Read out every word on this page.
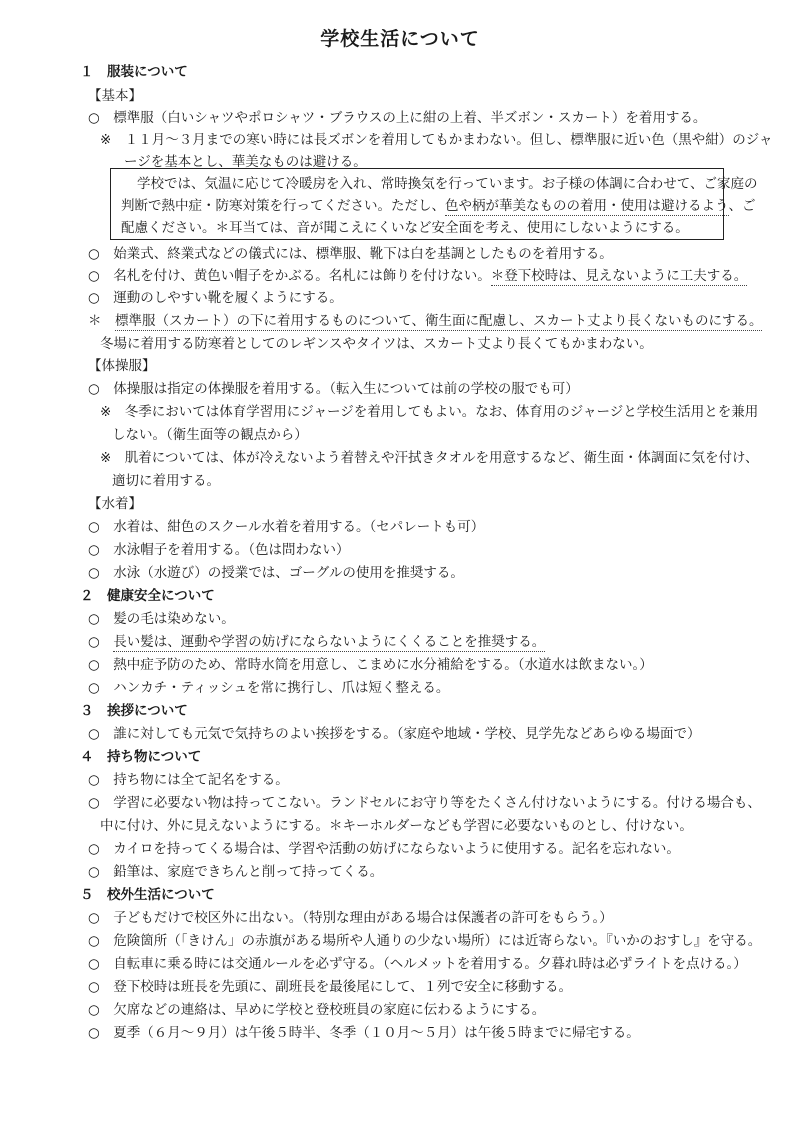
学校生活について
１　服装について
【基本】
○　標準服（白いシャツやポロシャツ・ブラウスの上に紺の上着、半ズボン・スカート）を着用する。
※　１１月～３月までの寒い時には長ズボンを着用してもかまわない。但し、標準服に近い色（黒や紺）のジャ
ージを基本とし、華美なものは避ける。
学校では、気温に応じて冷暖房を入れ、常時換気を行っています。お子様の体調に合わせて、ご家庭の
判断で熱中症・防寒対策を行ってください。ただし、色や柄が華美なものの着用・使用は避けるよう、ご
配慮ください。＊耳当ては、音が聞こえにくいなど安全面を考え、使用にしないようにする。
○　始業式、終業式などの儀式には、標準服、靴下は白を基調としたものを着用する。
○　名札を付け、黄色い帽子をかぶる。名札には飾りを付けない。＊登下校時は、見えないように工夫する。
○　運動のしやすい靴を履くようにする。
＊　標準服（スカート）の下に着用するものについて、衛生面に配慮し、スカート丈より長くないものにする。
冬場に着用する防寒着としてのレギンスやタイツは、スカート丈より長くてもかまわない。
【体操服】
○　体操服は指定の体操服を着用する。（転入生については前の学校の服でも可）
※　冬季においては体育学習用にジャージを着用してもよい。なお、体育用のジャージと学校生活用とを兼用
しない。（衛生面等の観点から）
※　肌着については、体が冷えないよう着替えや汗拭きタオルを用意するなど、衛生面・体調面に気を付け、
適切に着用する。
【水着】
○　水着は、紺色のスクール水着を着用する。（セパレートも可）
○　水泳帽子を着用する。（色は問わない）
○　水泳（水遊び）の授業では、ゴーグルの使用を推奨する。
２　健康安全について
○　髪の毛は染めない。
○　長い髪は、運動や学習の妨げにならないようにくくることを推奨する。
○　熱中症予防のため、常時水筒を用意し、こまめに水分補給をする。（水道水は飲まない。）
○　ハンカチ・ティッシュを常に携行し、爪は短く整える。
３　挨拶について
○　誰に対しても元気で気持ちのよい挨拶をする。（家庭や地域・学校、見学先などあらゆる場面で）
４　持ち物について
○　持ち物には全て記名をする。
○　学習に必要ない物は持ってこない。ランドセルにお守り等をたくさん付けないようにする。付ける場合も、
中に付け、外に見えないようにする。＊キーホルダーなども学習に必要ないものとし、付けない。
○　カイロを持ってくる場合は、学習や活動の妨げにならないように使用する。記名を忘れない。
○　鉛筆は、家庭できちんと削って持ってくる。
５　校外生活について
○　子どもだけで校区外に出ない。（特別な理由がある場合は保護者の許可をもらう。）
○　危険箇所（「きけん」の赤旗がある場所や人通りの少ない場所）には近寄らない。『いかのおすし』を守る。
○　自転車に乗る時には交通ルールを必ず守る。（ヘルメットを着用する。夕暮れ時は必ずライトを点ける。）
○　登下校時は班長を先頭に、副班長を最後尾にして、１列で安全に移動する。
○　欠席などの連絡は、早めに学校と登校班員の家庭に伝わるようにする。
○　夏季（６月～９月）は午後５時半、冬季（１０月～５月）は午後５時までに帰宅する。
